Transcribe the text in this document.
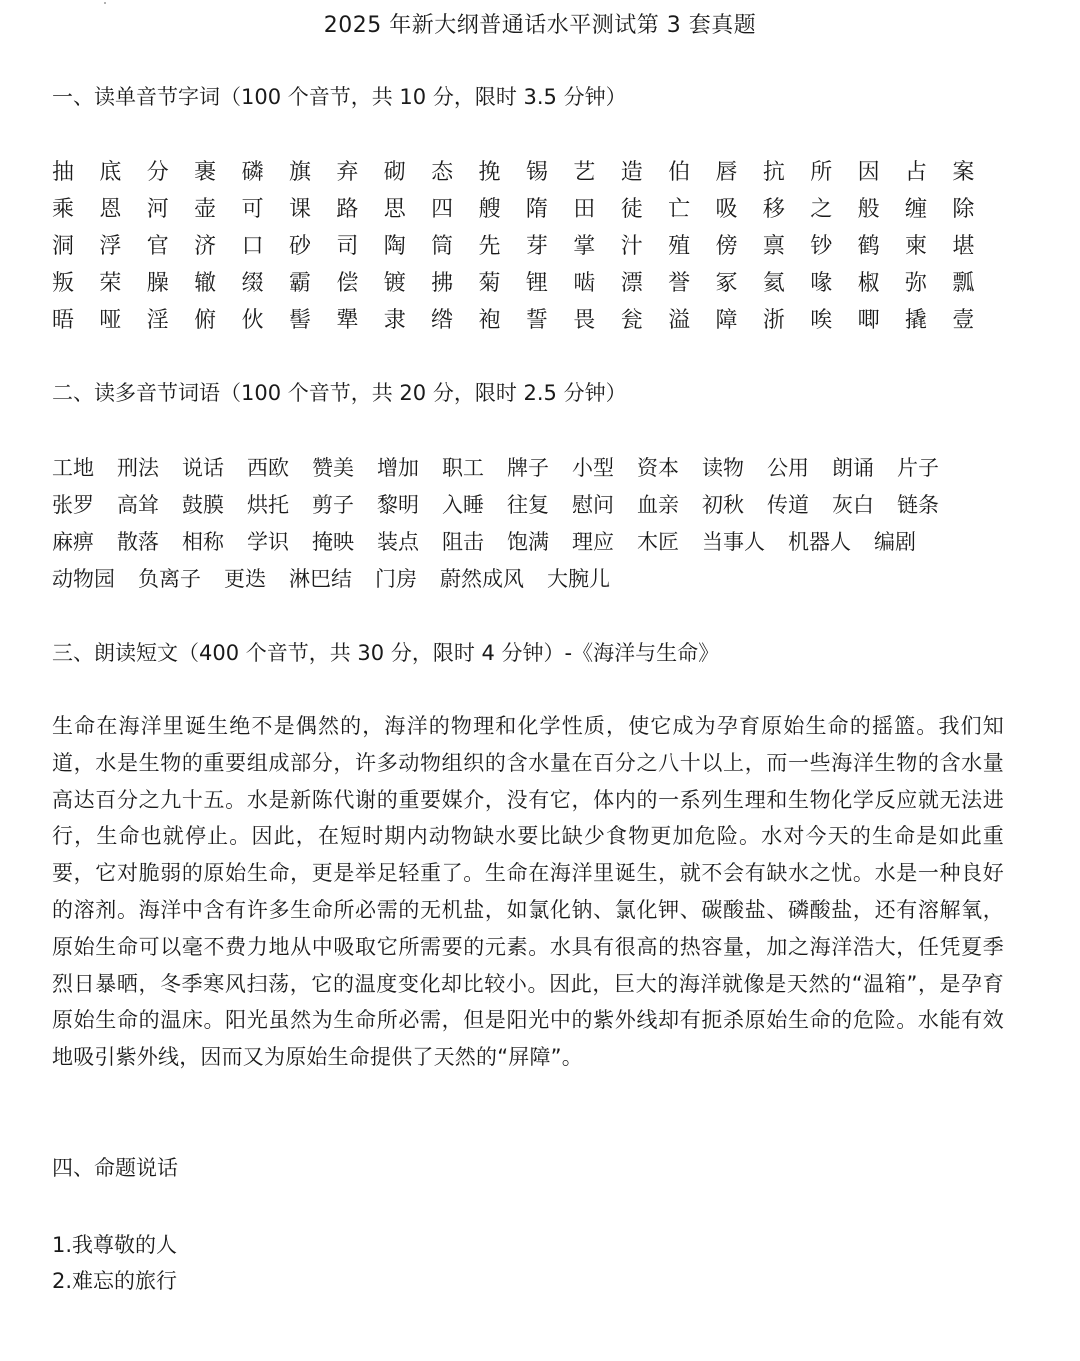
2025 年新大纲普通话水平测试第 3 套真题
一、读单音节字词（100 个音节，共 10 分，限时 3.5 分钟）
抽	底	分	裹	磷	旗	弃	砌	态	挽	锡	艺	造	伯	唇	抗	所	因	占	案
乘	恩	河	壶	可	课	路	思	四	艘	隋	田	徒	亡	吸	移	之	般	缠	除
洞	浮	官	济	口	砂	司	陶	筒	先	芽	掌	汁	殖	傍	禀	钞	鹤	柬	堪
叛	荣	臊	辙	缀	霸	偿	镀	拂	菊	锂	啮	漂	誉	冢	氦	喙	椒	弥	瓢
晤	哑	淫	俯	伙	髻	犟	隶	绺	袍	誓	畏	瓮	溢	障	浙	唉	唧	撬	壹
二、读多音节词语（100 个音节，共 20 分，限时 2.5 分钟）
工地 刑法 说话 西欧 赞美 增加 职工 牌子 小型 资本 读物 公用 朗诵 片子
张罗 高耸 鼓膜 烘托 剪子 黎明 入睡 往复 慰问 血亲 初秋 传道 灰白 链条
麻痹 散落 相称 学识 掩映 装点 阻击 饱满 理应 木匠 当事人 机器人 编剧
动物园 负离子 更迭 淋巴结 门房 蔚然成风 大腕儿
三、朗读短文（400 个音节，共 30 分，限时 4 分钟）-《海洋与生命》
生命在海洋里诞生绝不是偶然的，海洋的物理和化学性质，使它成为孕育原始生命的摇篮。我们知道，水是生物的重要组成部分，许多动物组织的含水量在百分之八十以上，而一些海洋生物的含水量高达百分之九十五。水是新陈代谢的重要媒介，没有它，体内的一系列生理和生物化学反应就无法进行，生命也就停止。因此，在短时期内动物缺水要比缺少食物更加危险。水对今天的生命是如此重要，它对脆弱的原始生命，更是举足轻重了。生命在海洋里诞生，就不会有缺水之忧。水是一种良好的溶剂。海洋中含有许多生命所必需的无机盐，如氯化钠、氯化钾、碳酸盐、磷酸盐，还有溶解氧，原始生命可以毫不费力地从中吸取它所需要的元素。水具有很高的热容量，加之海洋浩大，任凭夏季烈日暴晒，冬季寒风扫荡，它的温度变化却比较小。因此，巨大的海洋就像是天然的“温箱”，是孕育原始生命的温床。阳光虽然为生命所必需，但是阳光中的紫外线却有扼杀原始生命的危险。水能有效地吸引紫外线，因而又为原始生命提供了天然的“屏障”。
四、命题说话
1.我尊敬的人
2.难忘的旅行
